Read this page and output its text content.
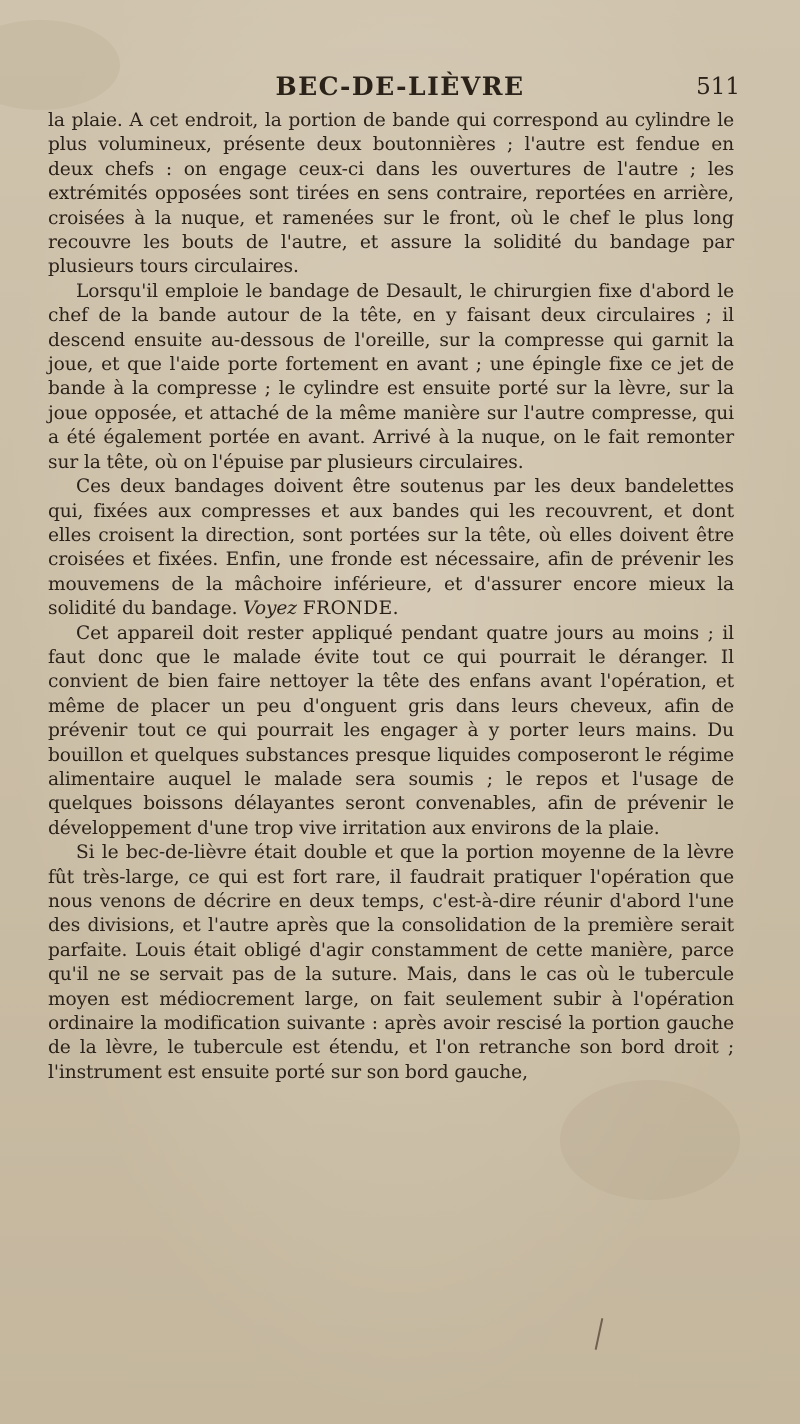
BEC-DE-LIÈVRE	511

la plaie. A cet endroit, la portion de bande qui correspond au cylindre le plus volumineux, présente deux boutonnières ; l'autre est fendue en deux chefs : on engage ceux-ci dans les ouvertures de l'autre ; les extrémités opposées sont tirées en sens contraire, reportées en arrière, croisées à la nuque, et ramenées sur le front, où le chef le plus long recouvre les bouts de l'autre, et assure la solidité du bandage par plusieurs tours circulaires.

Lorsqu'il emploie le bandage de Desault, le chirurgien fixe d'abord le chef de la bande autour de la tête, en y faisant deux circulaires ; il descend ensuite au-dessous de l'oreille, sur la compresse qui garnit la joue, et que l'aide porte fortement en avant ; une épingle fixe ce jet de bande à la compresse ; le cylindre est ensuite porté sur la lèvre, sur la joue opposée, et attaché de la même manière sur l'autre compresse, qui a été également portée en avant. Arrivé à la nuque, on le fait remonter sur la tête, où on l'épuise par plusieurs circulaires.

Ces deux bandages doivent être soutenus par les deux bandelettes qui, fixées aux compresses et aux bandes qui les recouvrent, et dont elles croisent la direction, sont portées sur la tête, où elles doivent être croisées et fixées. Enfin, une fronde est nécessaire, afin de prévenir les mouvemens de la mâchoire inférieure, et d'assurer encore mieux la solidité du bandage. Voyez FRONDE.

Cet appareil doit rester appliqué pendant quatre jours au moins ; il faut donc que le malade évite tout ce qui pourrait le déranger. Il convient de bien faire nettoyer la tête des enfans avant l'opération, et même de placer un peu d'onguent gris dans leurs cheveux, afin de prévenir tout ce qui pourrait les engager à y porter leurs mains. Du bouillon et quelques substances presque liquides composeront le régime alimentaire auquel le malade sera soumis ; le repos et l'usage de quelques boissons délayantes seront convenables, afin de prévenir le développement d'une trop vive irritation aux environs de la plaie.

Si le bec-de-lièvre était double et que la portion moyenne de la lèvre fût très-large, ce qui est fort rare, il faudrait pratiquer l'opération que nous venons de décrire en deux temps, c'est-à-dire réunir d'abord l'une des divisions, et l'autre après que la consolidation de la première serait parfaite. Louis était obligé d'agir constamment de cette manière, parce qu'il ne se servait pas de la suture. Mais, dans le cas où le tubercule moyen est médiocrement large, on fait seulement subir à l'opération ordinaire la modification suivante : après avoir rescisé la portion gauche de la lèvre, le tubercule est étendu, et l'on retranche son bord droit ; l'instrument est ensuite porté sur son bord gauche,
